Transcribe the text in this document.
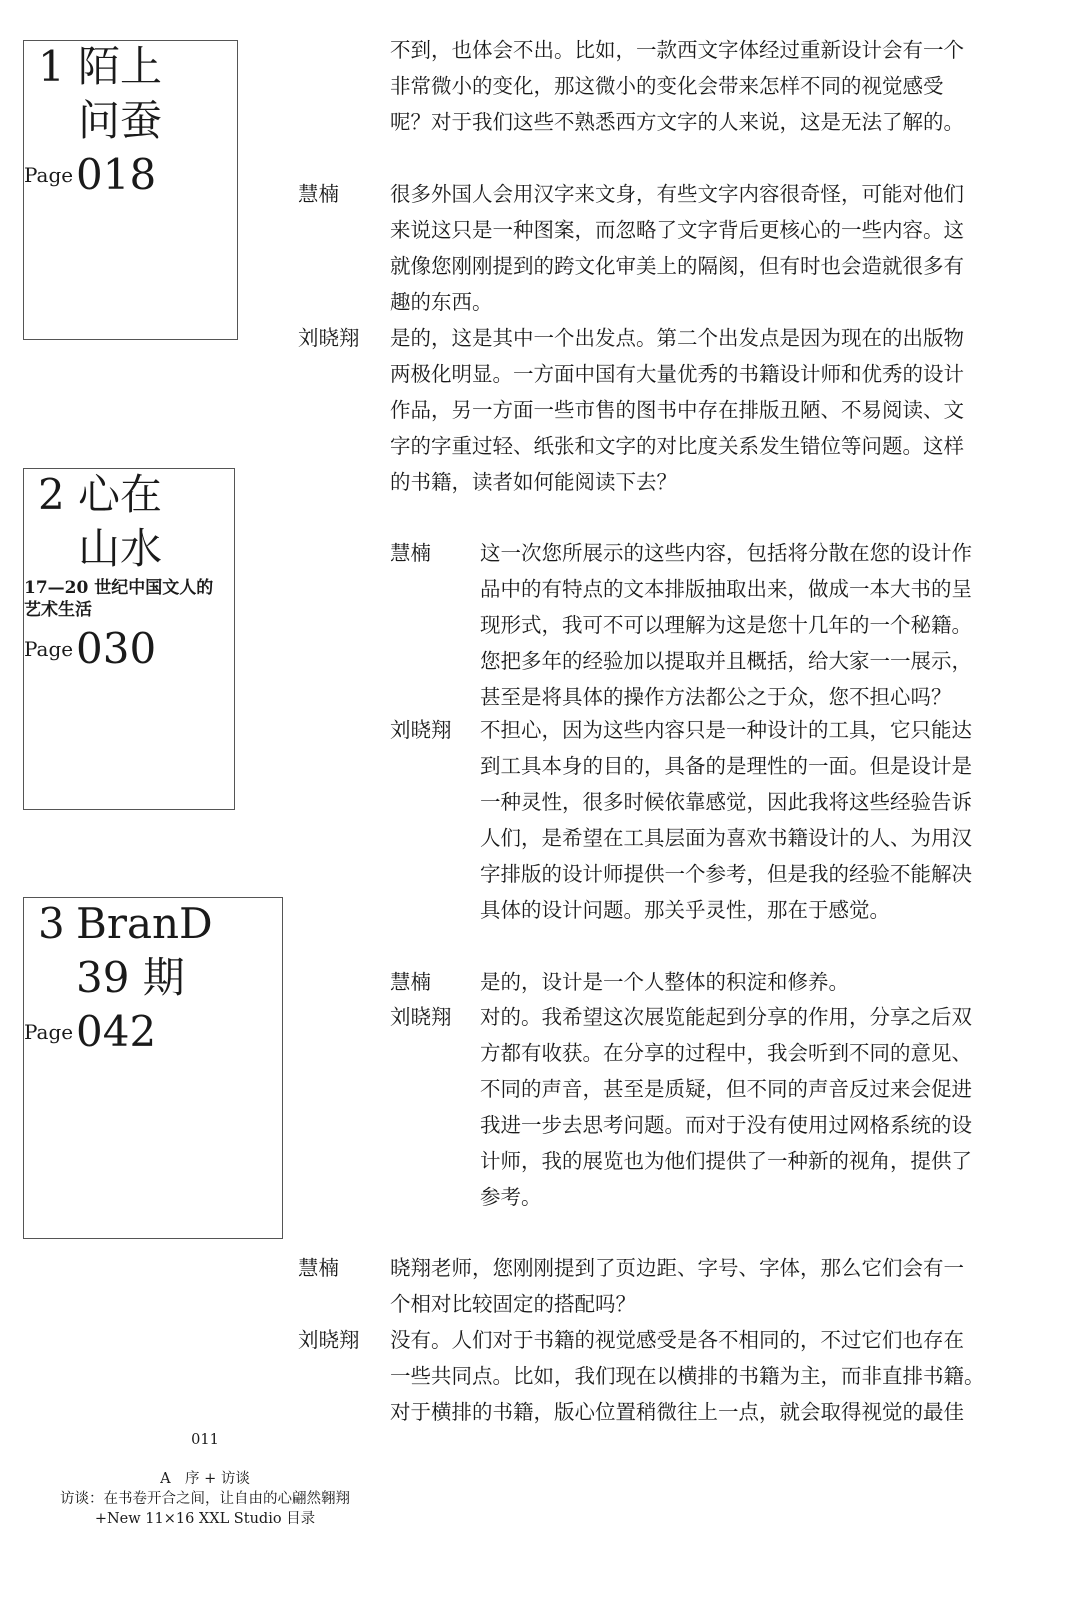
1 陌上
问蚕
Page 018
2 心在
山水
17—20 世纪中国文人的
艺术生活
Page 030
3 BranD
39 期
Page 042

不到，也体会不出。比如，一款西文字体经过重新设计会有一个
非常微小的变化，那这微小的变化会带来怎样不同的视觉感受
呢？对于我们这些不熟悉西方文字的人来说，这是无法了解的。

慧楠 很多外国人会用汉字来文身，有些文字内容很奇怪，可能对他们
来说这只是一种图案，而忽略了文字背后更核心的一些内容。这
就像您刚刚提到的跨文化审美上的隔阂，但有时也会造就很多有
趣的东西。

刘晓翔 是的，这是其中一个出发点。第二个出发点是因为现在的出版物
两极化明显。一方面中国有大量优秀的书籍设计师和优秀的设计
作品，另一方面一些市售的图书中存在排版丑陋、不易阅读、文
字的字重过轻、纸张和文字的对比度关系发生错位等问题。这样
的书籍，读者如何能阅读下去？

慧楠 这一次您所展示的这些内容，包括将分散在您的设计作
品中的有特点的文本排版抽取出来，做成一本大书的呈
现形式，我可不可以理解为这是您十几年的一个秘籍。
您把多年的经验加以提取并且概括，给大家一一展示，
甚至是将具体的操作方法都公之于众，您不担心吗？

刘晓翔 不担心，因为这些内容只是一种设计的工具，它只能达
到工具本身的目的，具备的是理性的一面。但是设计是
一种灵性，很多时候依靠感觉，因此我将这些经验告诉
人们，是希望在工具层面为喜欢书籍设计的人、为用汉
字排版的设计师提供一个参考，但是我的经验不能解决
具体的设计问题。那关乎灵性，那在于感觉。

慧楠 是的，设计是一个人整体的积淀和修养。

刘晓翔 对的。我希望这次展览能起到分享的作用，分享之后双
方都有收获。在分享的过程中，我会听到不同的意见、
不同的声音，甚至是质疑，但不同的声音反过来会促进
我进一步去思考问题。而对于没有使用过网格系统的设
计师，我的展览也为他们提供了一种新的视角，提供了
参考。

慧楠 晓翔老师，您刚刚提到了页边距、字号、字体，那么它们会有一
个相对比较固定的搭配吗？

刘晓翔 没有。人们对于书籍的视觉感受是各不相同的，不过它们也存在
一些共同点。比如，我们现在以横排的书籍为主，而非直排书籍。
对于横排的书籍，版心位置稍微往上一点，就会取得视觉的最佳

011
A　序 + 访谈
访谈：在书卷开合之间，让自由的心翩然翱翔
+New 11×16 XXL Studio 目录
